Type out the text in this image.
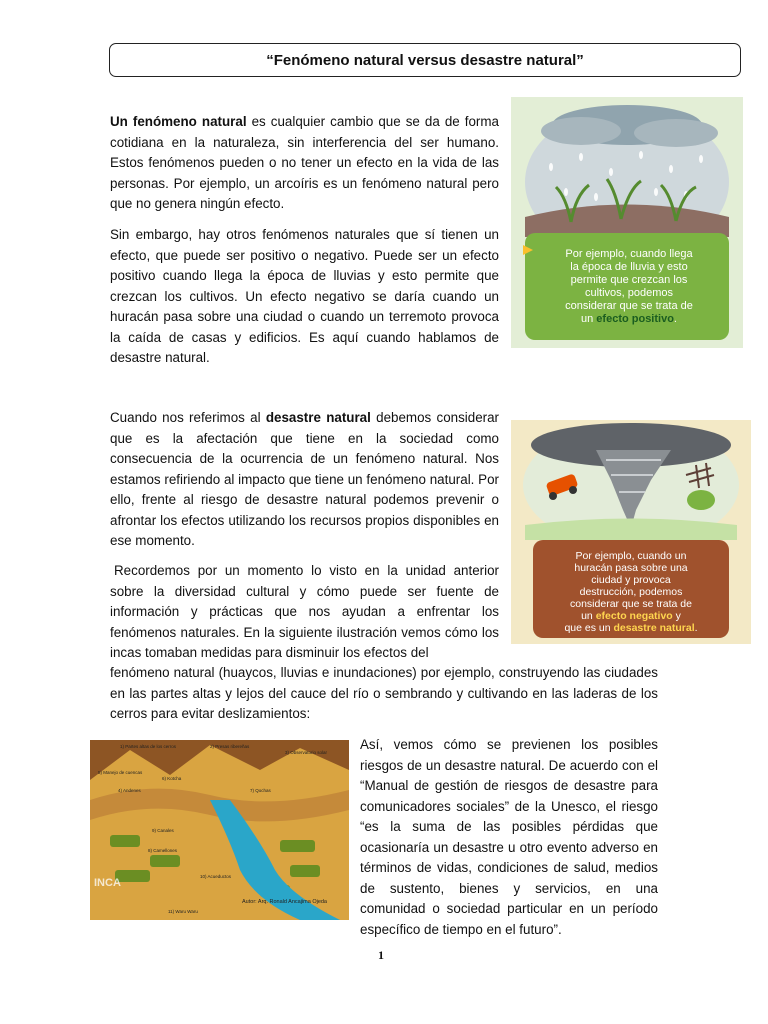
“Fenómeno natural versus desastre natural”

Un fenómeno natural es cualquier cambio que se da de forma cotidiana en la naturaleza, sin interferencia del ser humano. Estos fenómenos pueden o no tener un efecto en la vida de las personas. Por ejemplo, un arcoíris es un fenómeno natural pero que no genera ningún efecto.

Sin embargo, hay otros fenómenos naturales que sí tienen un efecto, que puede ser positivo o negativo. Puede ser un efecto positivo cuando llega la época de lluvias y esto permite que crezcan los cultivos. Un efecto negativo se daría cuando un huracán pasa sobre una ciudad o cuando un terremoto provoca la caída de casas y edificios. Es aquí cuando hablamos de desastre natural.

Cuando nos referimos al desastre natural debemos considerar que es la afectación que tiene en la sociedad como consecuencia de la ocurrencia de un fenómeno natural. Nos estamos refiriendo al impacto que tiene un fenómeno natural. Por ello, frente al riesgo de desastre natural podemos prevenir o afrontar los efectos utilizando los recursos propios disponibles en ese momento.

Recordemos por un momento lo visto en la unidad anterior sobre la diversidad cultural y cómo puede ser fuente de información y prácticas que nos ayudan a enfrentar los fenómenos naturales. En la siguiente ilustración vemos cómo los incas tomaban medidas para disminuir los efectos del

fenómeno natural (huaycos, lluvias e inundaciones) por ejemplo, construyendo las ciudades en las partes altas y lejos del cauce del río o sembrando y cultivando en las laderas de los cerros para evitar deslizamientos:

Así, vemos cómo se previenen los posibles riesgos de un desastre natural. De acuerdo con el “Manual de gestión de riesgos de desastre para comunicadores sociales” de la Unesco, el riesgo “es la suma de las posibles pérdidas que ocasionaría un desastre u otro evento adverso en términos de vidas, condiciones de salud, medios de sustento, bienes y servicios, en una comunidad o sociedad particular en un período específico de tiempo en el futuro”.

Por ejemplo, cuando llega
la época de lluvia y esto
permite que crezcan los
cultivos, podemos
considerar que se trata de
un efecto positivo.
Por ejemplo, cuando un
huracán pasa sobre una
ciudad y provoca
destrucción, podemos
considerar que se trata de
un efecto negativo y
que es un desastre natural.
1) Partes altas de los cerros	2) Presas ribereñas
3) Observatorio solar
4) Andenes
5) Manejo de cuencas
6) Kotcha
7) Qochas
8) Camellones
9) Canales
10) Acueductos
11) Waru Waru
INCA
Autor: Arq. Ronald Ancajima Ojeda
1
